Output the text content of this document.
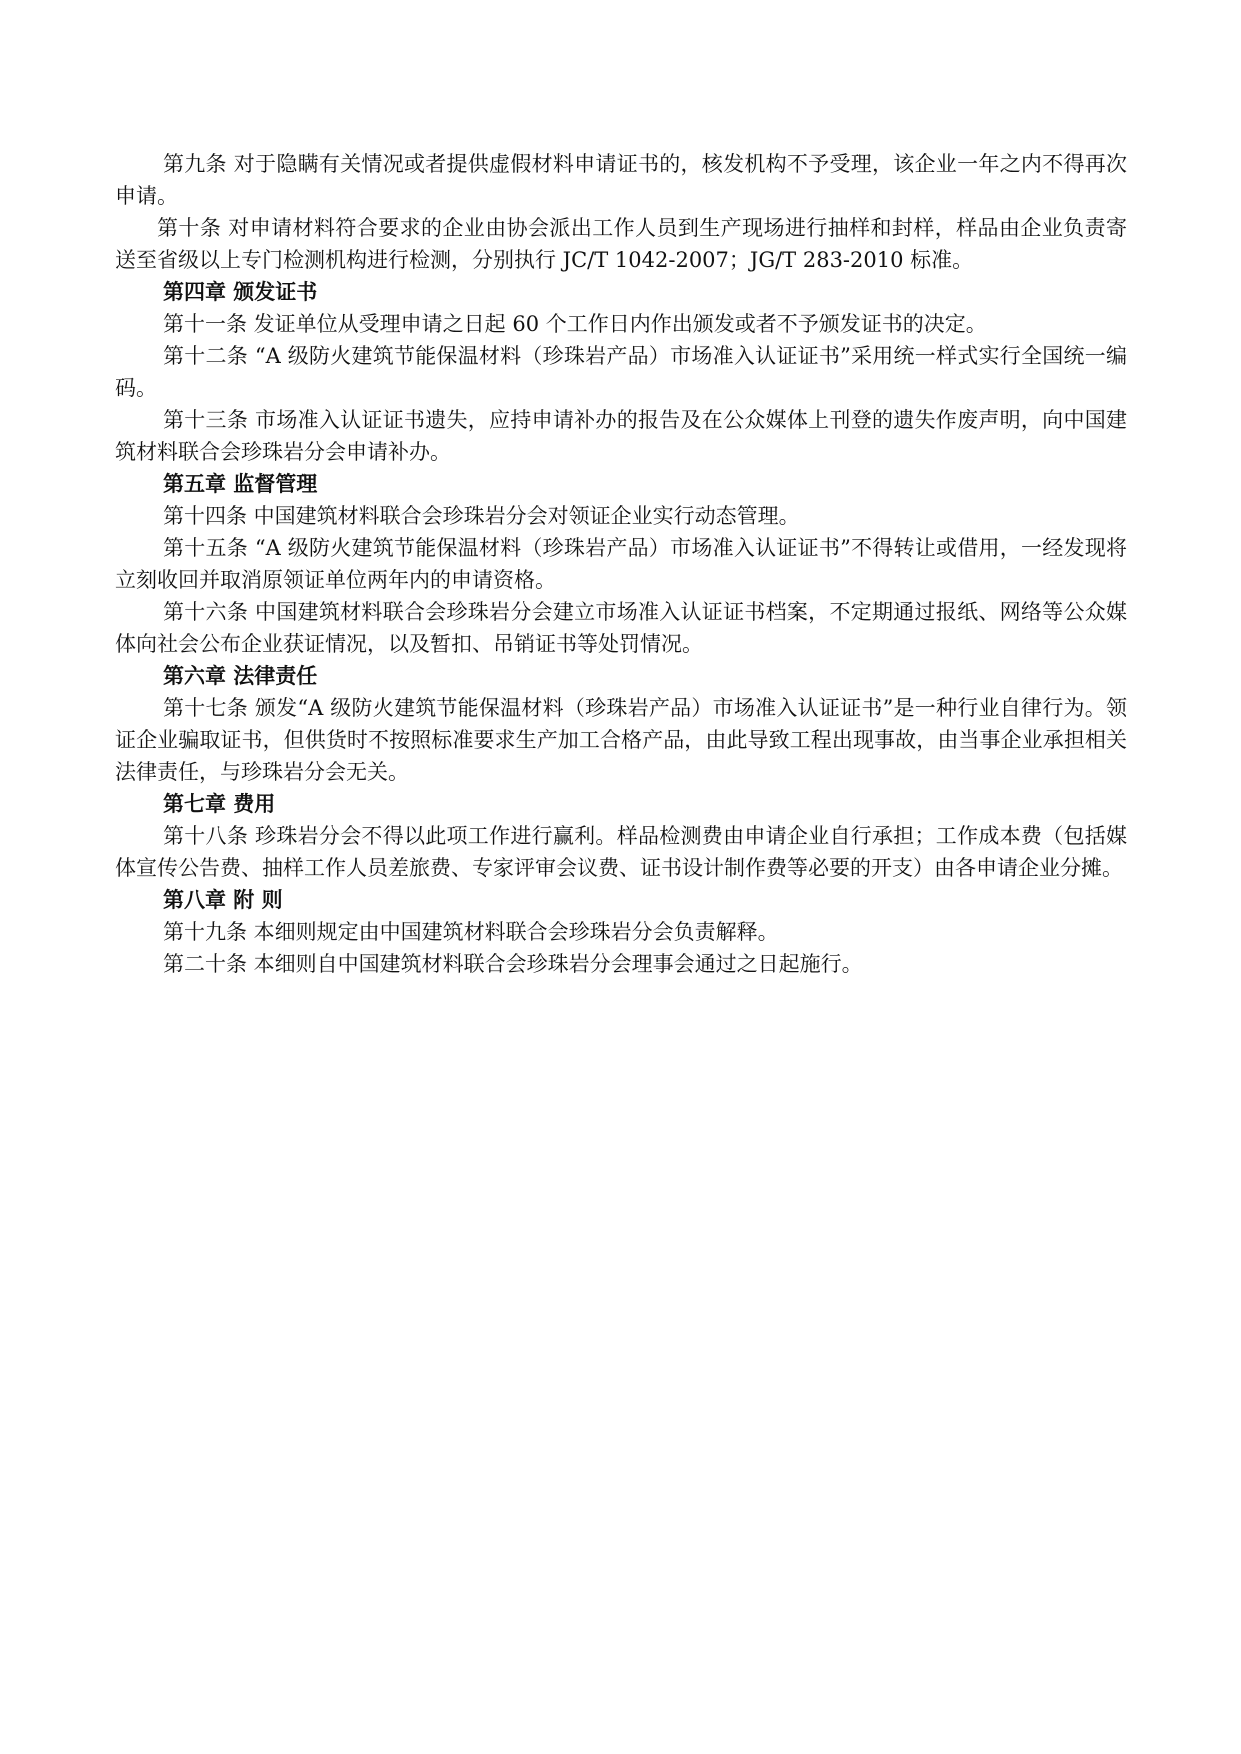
第九条 对于隐瞒有关情况或者提供虚假材料申请证书的，核发机构不予受理，该企业一年之内不得再次申请。

第十条 对申请材料符合要求的企业由协会派出工作人员到生产现场进行抽样和封样，样品由企业负责寄送至省级以上专门检测机构进行检测，分别执行 JC/T 1042-2007；JG/T 283-2010 标准。

第四章 颁发证书

第十一条 发证单位从受理申请之日起 60 个工作日内作出颁发或者不予颁发证书的决定。

第十二条 “A 级防火建筑节能保温材料（珍珠岩产品）市场准入认证证书”采用统一样式实行全国统一编码。

第十三条 市场准入认证证书遗失，应持申请补办的报告及在公众媒体上刊登的遗失作废声明，向中国建筑材料联合会珍珠岩分会申请补办。

第五章 监督管理

第十四条 中国建筑材料联合会珍珠岩分会对领证企业实行动态管理。

第十五条 “A 级防火建筑节能保温材料（珍珠岩产品）市场准入认证证书”不得转让或借用，一经发现将立刻收回并取消原领证单位两年内的申请资格。

第十六条 中国建筑材料联合会珍珠岩分会建立市场准入认证证书档案，不定期通过报纸、网络等公众媒体向社会公布企业获证情况，以及暂扣、吊销证书等处罚情况。

第六章 法律责任

第十七条 颁发“A 级防火建筑节能保温材料（珍珠岩产品）市场准入认证证书”是一种行业自律行为。领证企业骗取证书，但供货时不按照标准要求生产加工合格产品，由此导致工程出现事故，由当事企业承担相关法律责任，与珍珠岩分会无关。

第七章 费用

第十八条 珍珠岩分会不得以此项工作进行赢利。样品检测费由申请企业自行承担；工作成本费（包括媒体宣传公告费、抽样工作人员差旅费、专家评审会议费、证书设计制作费等必要的开支）由各申请企业分摊。

第八章 附 则

第十九条 本细则规定由中国建筑材料联合会珍珠岩分会负责解释。

第二十条 本细则自中国建筑材料联合会珍珠岩分会理事会通过之日起施行。
